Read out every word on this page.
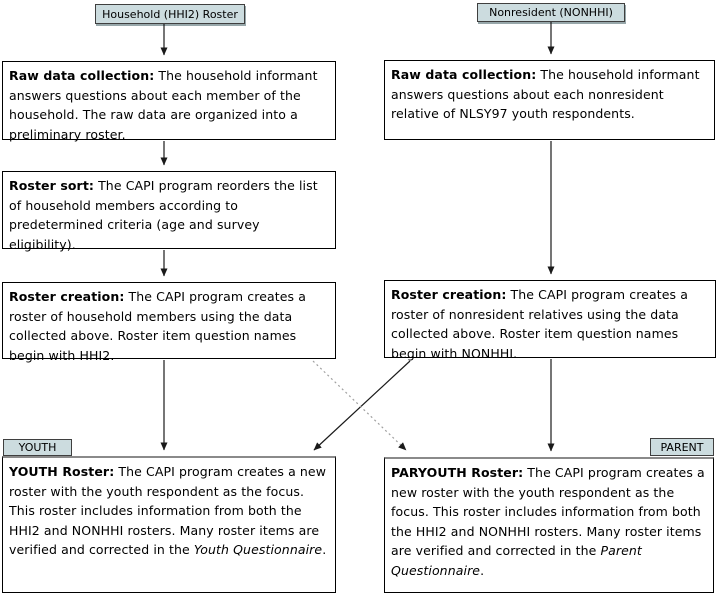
Household (HHI2) Roster	Nonresident (NONHHI)
Raw data collection: The household informant answers questions about each member of the household. The raw data are organized into a preliminary roster.
Roster sort: The CAPI program reorders the list of household members according to predetermined criteria (age and survey eligibility).
Roster creation: The CAPI program creates a roster of household members using the data collected above. Roster item question names begin with HHI2.
Raw data collection: The household informant answers questions about each nonresident relative of NLSY97 youth respondents.
Roster creation: The CAPI program creates a roster of nonresident relatives using the data collected above. Roster item question names begin with NONHHI.
YOUTH	PARENT
YOUTH Roster: The CAPI program creates a new roster with the youth respondent as the focus. This roster includes information from both the HHI2 and NONHHI rosters. Many roster items are verified and corrected in the Youth Questionnaire.
PARYOUTH Roster: The CAPI program creates a new roster with the youth respondent as the focus. This roster includes information from both the HHI2 and NONHHI rosters. Many roster items are verified and corrected in the Parent Questionnaire.
